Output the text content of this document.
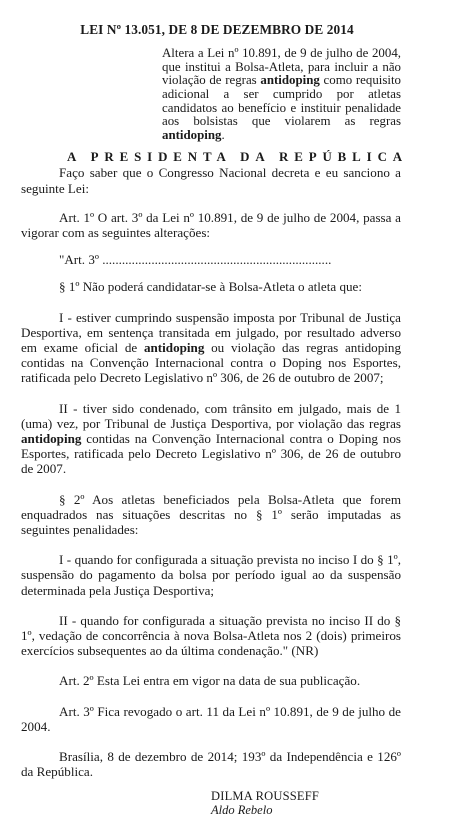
LEI Nº 13.051, DE 8 DE DEZEMBRO DE 2014
Altera a Lei nº 10.891, de 9 de julho de 2004, que institui a Bolsa-Atleta, para incluir a não violação de regras antidoping como requisito adicional a ser cumprido por atletas candidatos ao benefício e instituir penalidade aos bolsistas que violarem as regras antidoping.
A PRESIDENTA DA REPÚBLICA

Faço saber que o Congresso Nacional decreta e eu sanciono a seguinte Lei:

Art. 1º O art. 3º da Lei nº 10.891, de 9 de julho de 2004, passa a vigorar com as seguintes alterações:

"Art. 3º ......................................................................

§ 1º Não poderá candidatar-se à Bolsa-Atleta o atleta que:

I - estiver cumprindo suspensão imposta por Tribunal de Justiça Desportiva, em sentença transitada em julgado, por resultado adverso em exame oficial de antidoping ou violação das regras antidoping contidas na Convenção Internacional contra o Doping nos Esportes, ratificada pelo Decreto Legislativo nº 306, de 26 de outubro de 2007;

II - tiver sido condenado, com trânsito em julgado, mais de 1 (uma) vez, por Tribunal de Justiça Desportiva, por violação das regras antidoping contidas na Convenção Internacional contra o Doping nos Esportes, ratificada pelo Decreto Legislativo nº 306, de 26 de outubro de 2007.

§ 2º Aos atletas beneficiados pela Bolsa-Atleta que forem enquadrados nas situações descritas no § 1º serão imputadas as seguintes penalidades:

I - quando for configurada a situação prevista no inciso I do § 1º, suspensão do pagamento da bolsa por período igual ao da suspensão determinada pela Justiça Desportiva;

II - quando for configurada a situação prevista no inciso II do § 1º, vedação de concorrência à nova Bolsa-Atleta nos 2 (dois) primeiros exercícios subsequentes ao da última condenação." (NR)

Art. 2º Esta Lei entra em vigor na data de sua publicação.

Art. 3º Fica revogado o art. 11 da Lei nº 10.891, de 9 de julho de 2004.

Brasília, 8 de dezembro de 2014; 193º da Independência e 126º da República.

DILMA ROUSSEFF
Aldo Rebelo
